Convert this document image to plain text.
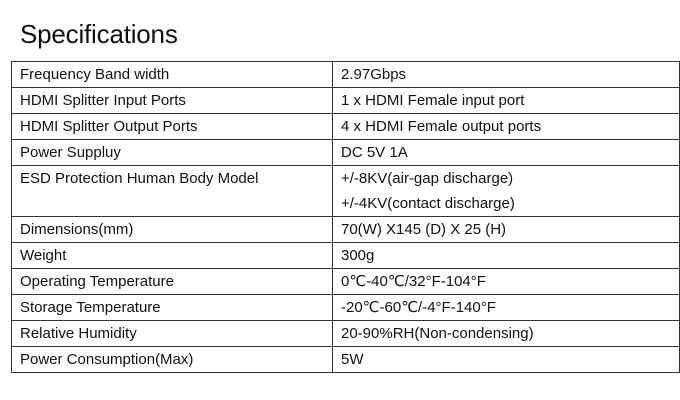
Specifications
Frequency Band width	2.97Gbps

HDMI Splitter Input Ports	1 x HDMI Female input port

HDMI Splitter Output Ports	4 x HDMI Female output ports

Power Suppluy	DC 5V 1A

ESD Protection Human Body Model	+/-8KV(air-gap discharge)
+/-4KV(contact discharge)

Dimensions(mm)	70(W) X145 (D) X 25 (H)

Weight	300g

Operating Temperature	0℃-40℃/32°F-104°F

Storage Temperature	-20℃-60℃/-4°F-140°F

Relative Humidity	20-90%RH(Non-condensing)

Power Consumption(Max)	5W
